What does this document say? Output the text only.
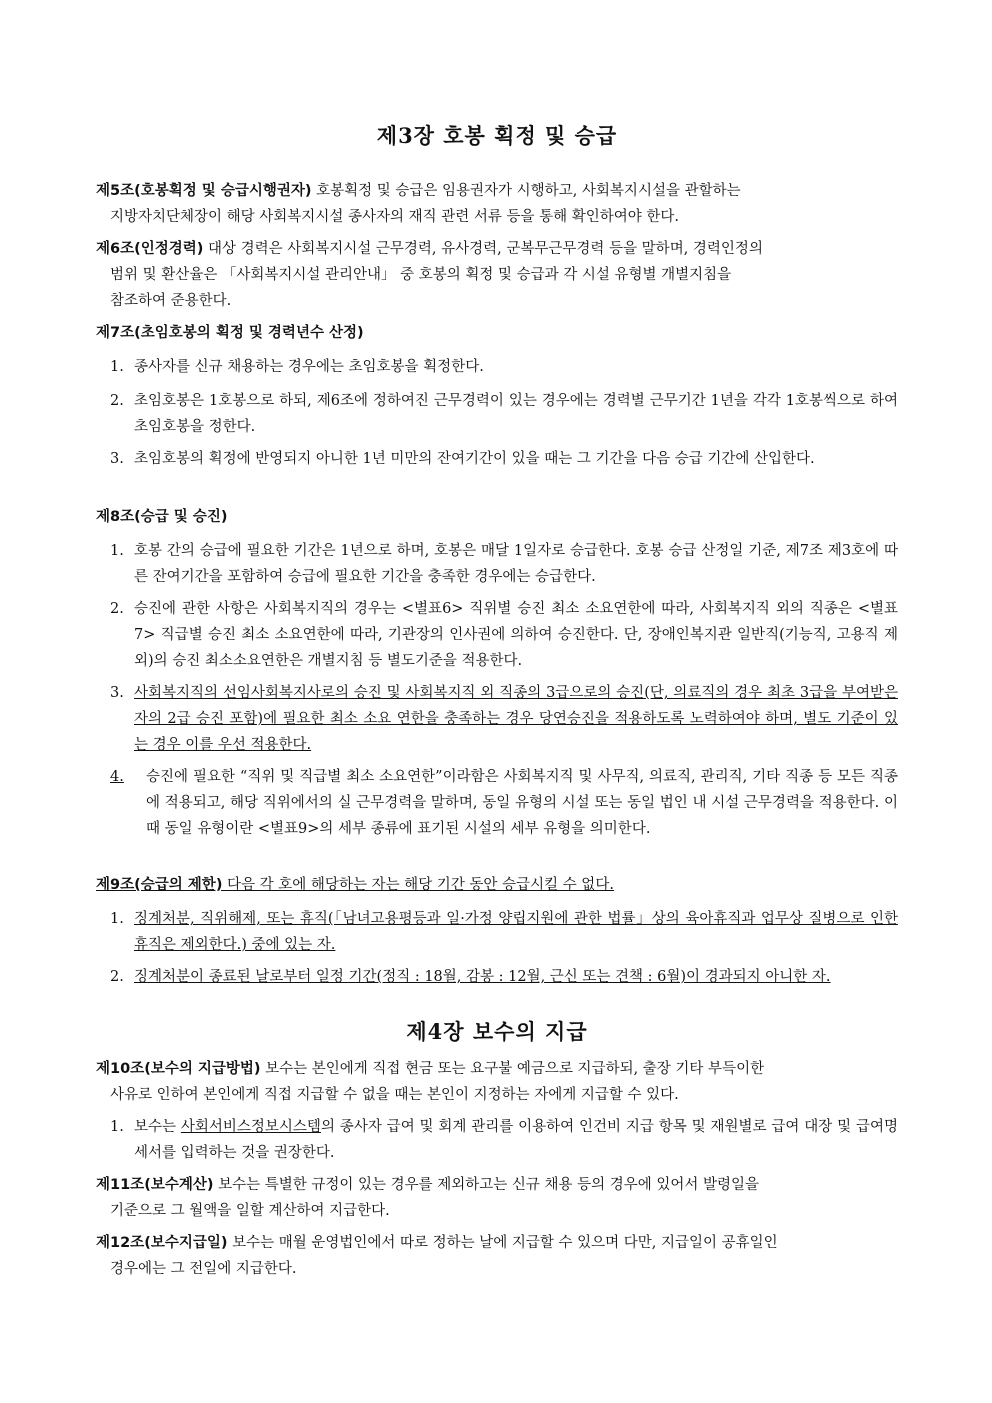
제3장 호봉 획정 및 승급
제5조(호봉획정 및 승급시행권자) 호봉획정 및 승급은 임용권자가 시행하고, 사회복지시설을 관할하는
지방자치단체장이 해당 사회복지시설 종사자의 재직 관련 서류 등을 통해 확인하여야 한다.
제6조(인정경력) 대상 경력은 사회복지시설 근무경력, 유사경력, 군복무근무경력 등을 말하며, 경력인정의
범위 및 환산율은 「사회복지시설 관리안내」 중 호봉의 획정 및 승급과 각 시설 유형별 개별지침을
참조하여 준용한다.
제7조(초임호봉의 획정 및 경력년수 산정)
1. 종사자를 신규 채용하는 경우에는 초임호봉을 획정한다.
2. 초임호봉은 1호봉으로 하되, 제6조에 정하여진 근무경력이 있는 경우에는 경력별 근무기간 1년을 각각 1호봉씩으로 하여 초임호봉을 정한다.
3. 초임호봉의 획정에 반영되지 아니한 1년 미만의 잔여기간이 있을 때는 그 기간을 다음 승급 기간에 산입한다.
제8조(승급 및 승진)
1. 호봉 간의 승급에 필요한 기간은 1년으로 하며, 호봉은 매달 1일자로 승급한다. 호봉 승급 산정일 기준, 제7조 제3호에 따른 잔여기간을 포함하여 승급에 필요한 기간을 충족한 경우에는 승급한다.
2. 승진에 관한 사항은 사회복지직의 경우는 <별표6> 직위별 승진 최소 소요연한에 따라, 사회복지직 외의 직종은 <별표7> 직급별 승진 최소 소요연한에 따라, 기관장의 인사권에 의하여 승진한다. 단, 장애인복지관 일반직(기능직, 고용직 제외)의 승진 최소소요연한은 개별지침 등 별도기준을 적용한다.
3. 사회복지직의 선임사회복지사로의 승진 및 사회복지직 외 직종의 3급으로의 승진(단, 의료직의 경우 최초 3급을 부여받은 자의 2급 승진 포함)에 필요한 최소 소요 연한을 충족하는 경우 당연승진을 적용하도록 노력하여야 하며, 별도 기준이 있는 경우 이를 우선 적용한다.
4.	승진에 필요한 “직위 및 직급별 최소 소요연한”이라함은 사회복지직 및 사무직, 의료직, 관리직, 기타 직종 등 모든 직종에 적용되고, 해당 직위에서의 실 근무경력을 말하며, 동일 유형의 시설 또는 동일 법인 내 시설 근무경력을 적용한다. 이 때 동일 유형이란 <별표9>의 세부 종류에 표기된 시설의 세부 유형을 의미한다.
제9조(승급의 제한) 다음 각 호에 해당하는 자는 해당 기간 동안 승급시킬 수 없다.
1. 징계처분, 직위해제, 또는 휴직(「남녀고용평등과 일·가정 양립지원에 관한 법률」상의 육아휴직과 업무상 질병으로 인한 휴직은 제외한다.) 중에 있는 자.
2. 징계처분이 종료된 날로부터 일정 기간(정직 : 18월, 감봉 : 12월, 근신 또는 견책 : 6월)이 경과되지 아니한 자.
제4장 보수의 지급
제10조(보수의 지급방법) 보수는 본인에게 직접 현금 또는 요구불 예금으로 지급하되, 출장 기타 부득이한
사유로 인하여 본인에게 직접 지급할 수 없을 때는 본인이 지정하는 자에게 지급할 수 있다.
1. 보수는 사회서비스정보시스템의 종사자 급여 및 회계 관리를 이용하여 인건비 지급 항목 및 재원별로 급여 대장 및 급여명세서를 입력하는 것을 권장한다.
제11조(보수계산) 보수는 특별한 규정이 있는 경우를 제외하고는 신규 채용 등의 경우에 있어서 발령일을
기준으로 그 월액을 일할 계산하여 지급한다.
제12조(보수지급일) 보수는 매월 운영법인에서 따로 정하는 날에 지급할 수 있으며 다만, 지급일이 공휴일인
경우에는 그 전일에 지급한다.
